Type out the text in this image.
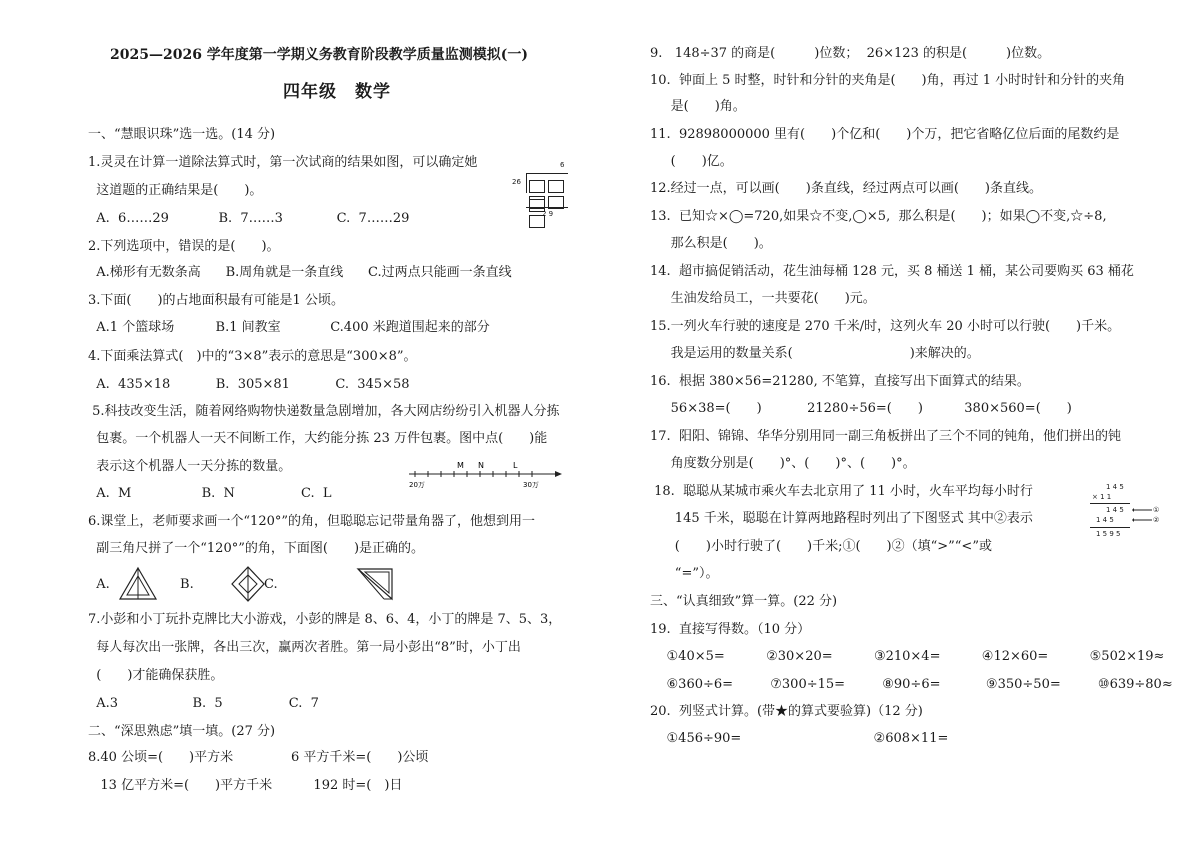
2025—2026 学年度第一学期义务教育阶段教学质量监测模拟(一)
四年级　数学
一、“慧眼识珠”选一选。(14 分)
1.灵灵在计算一道除法算式时，第一次试商的结果如图，可以确定她
这道题的正确结果是(　　)。
A.  6……29            B.  7……3             C.  7……29
2.下列选项中，错误的是(　　)。
A.梯形有无数条高      B.周角就是一条直线      C.过两点只能画一条直线
3.下面(　　)的占地面积最有可能是1 公顷。
A.1 个篮球场          B.1 间教室            C.400 米跑道围起来的部分
4.下面乘法算式(　)中的“3×8”表示的意思是“300×8”。
A.  435×18           B.  305×81           C.  345×58
5.科技改变生活，随着网络购物快递数量急剧增加，各大网店纷纷引入机器人分拣
包裹。一个机器人一天不间断工作，大约能分拣 23 万件包裹。图中点(　　)能
表示这个机器人一天分拣的数量。
A.  M                 B.  N                C.  L
6.课堂上，老师要求画一个“120°”的角，但聪聪忘记带量角器了，他想到用一
副三角尺拼了一个“120°”的角，下面图(　　)是正确的。
A.                 B.                 C.
7.小彭和小丁玩扑克牌比大小游戏，小彭的牌是 8、6、4，小丁的牌是 7、5、3，
每人每次出一张牌，各出三次，赢两次者胜。第一局小彭出“8”时，小丁出
(　　)才能确保获胜。
A.3                  B.  5                C.  7
二、“深思熟虑”填一填。(27 分)
8.40 公顷=(　　)平方米              6 平方千米=(　　)公顷
13 亿平方米=(　　)平方千米          192 时=(　)日
9.   148÷37 的商是(　　　)位数；  26×123 的积是(　　　)位数。
10.  钟面上 5 时整，时针和分针的夹角是(　　)角，再过 1 小时时针和分针的夹角
是(　　)角。
11.  92898000000 里有(　　)个亿和(　　)个万，把它省略亿位后面的尾数约是
(　　)亿。
12.经过一点，可以画(　　)条直线，经过两点可以画(　　)条直线。
13.  已知☆×◯=720,如果☆不变,◯×5,  那么积是(　　)；如果◯不变,☆÷8,
那么积是(　　)。
14.  超市搞促销活动，花生油每桶 128 元，买 8 桶送 1 桶，某公司要购买 63 桶花
生油发给员工，一共要花(　　)元。
15.一列火车行驶的速度是 270 千米/时，这列火车 20 小时可以行驶(　　)千米。
我是运用的数量关系(　　　　　　　　　)来解决的。
16.  根据 380×56=21280, 不笔算，直接写出下面算式的结果。
56×38=(　　)           21280÷56=(　　)          380×560=(　　)
17.  阳阳、锦锦、华华分别用同一副三角板拼出了三个不同的钝角，他们拼出的钝
角度数分别是(　　)°、(　　)°、(　　)°。
18.  聪聪从某城市乘火车去北京用了 11 小时，火车平均每小时行
145 千米，聪聪在计算两地路程时列出了下图竖式 其中②表示
(　　)小时行驶了(　　)千米;①(　　)②（填“>”“<”或
“=”）。
三、“认真细致”算一算。(22 分)
19.  直接写得数。（10 分）
①40×5=          ②30×20=          ③210×4=          ④12×60=          ⑤502×19≈
⑥360÷6=         ⑦300÷15=         ⑧90÷6=           ⑨350÷50=         ⑩639÷80≈
20.  列竖式计算。(带★的算式要验算)（12 分)
①456÷90=                                ②608×11=
6
26
2 9
M N	L
20万	30万	1 4 5
× 1 1
1 4 5
1 4 5
1 5 9 5
①
②
